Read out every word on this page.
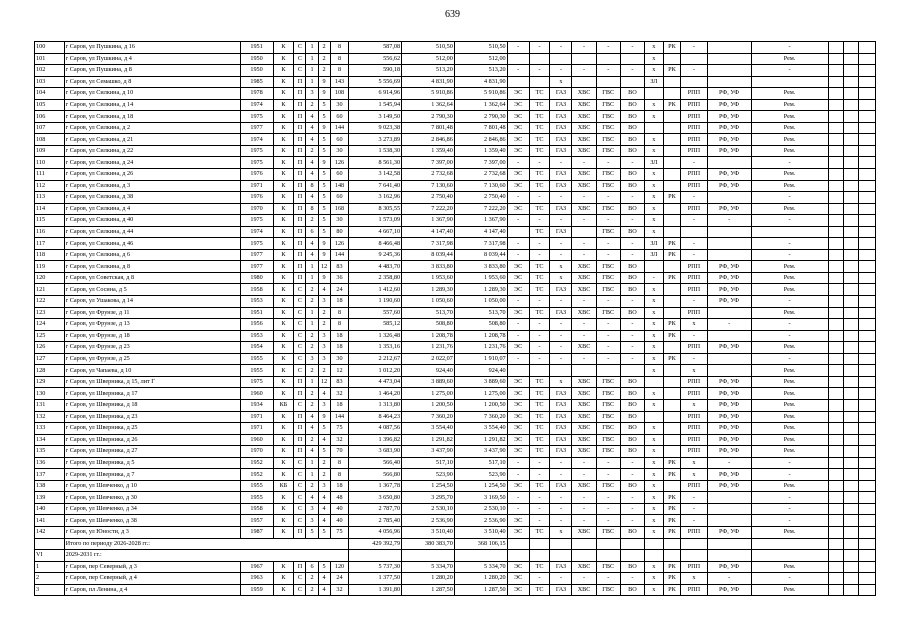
639
100	г Саров, ул Пушкина, д 16	1951	К	С	1	2	8	587,08	510,50	510,50	-	-	-	-	-	-	х	РК	-		-			
101	г Саров, ул Пушкина, д 4	1950	К	С	1	2	8	556,62	512,00	512,00							х				Рем.			
102	г Саров, ул Пушкина, д 8	1950	К	С	1	2	8	590,18	513,20	513,20	-	-	-	-	-	-	х	РК	-		-			
103	г Саров, ул Семашко, д 8	1985	К	П	1	9	143	5 556,69	4 831,90	4 831,90			х				ЗЛ							
104	г Саров, ул Силкина, д 10	1978	К	П	3	9	108	6 914,96	5 910,86	5 910,86	ЭС	ТС	ГАЗ	ХВС	ГВС	ВО			РПП	РФ, УФ	Рем.			
105	г Саров, ул Силкина, д 14	1974	К	П	2	5	30	1 545,94	1 362,64	1 362,64	ЭС	ТС	ГАЗ	ХВС	ГВС	ВО	х	РК	РПП	РФ, УФ	Рем.			
106	г Саров, ул Силкина, д 18	1975	К	П	4	5	60	3 149,50	2 790,30	2 790,30	ЭС	ТС	ГАЗ	ХВС	ГВС	ВО	х		РПП	РФ, УФ	Рем.			
107	г Саров, ул Силкина, д 2	1977	К	П	4	9	144	9 023,38	7 801,48	7 801,48	ЭС	ТС	ГАЗ	ХВС	ГВС	ВО			РПП	РФ, УФ	Рем.			
108	г Саров, ул Силкина, д 21	1974	К	П	4	5	60	3 273,89	2 846,86	2 846,86	ЭС	ТС	ГАЗ	ХВС	ГВС	ВО	х		РПП	РФ, УФ	Рем.			
109	г Саров, ул Силкина, д 22	1975	К	П	2	5	30	1 538,30	1 359,40	1 359,40	ЭС	ТС	ГАЗ	ХВС	ГВС	ВО	х		РПП	РФ, УФ	Рем.			
110	г Саров, ул Силкина, д 24	1975	К	П	4	9	126	8 561,30	7 397,00	7 397,00	-	-	-	-	-	-	ЗЛ		-		-			
111	г Саров, ул Силкина, д 26	1976	К	П	4	5	60	3 142,58	2 732,68	2 732,68	ЭС	ТС	ГАЗ	ХВС	ГВС	ВО	х		РПП	РФ, УФ	Рем.			
112	г Саров, ул Силкина, д 3	1971	К	П	8	5	148	7 641,40	7 130,60	7 130,60	ЭС	ТС	ГАЗ	ХВС	ГВС	ВО	х		РПП	РФ, УФ	Рем.			
113	г Саров, ул Силкина, д 38	1976	К	П	4	5	60	3 162,96	2 750,40	2 750,40	-	-	-	-	-	-	х	РК	-		-			
114	г Саров, ул Силкина, д 4	1970	К	П	8	5	168	8 305,55	7 222,20	7 222,20	ЭС	ТС	ГАЗ	ХВС	ГВС	ВО	х		РПП	РФ, УФ	Рем.			
115	г Саров, ул Силкина, д 40	1975	К	П	2	5	30	1 573,09	1 367,90	1 367,90	-	-	-	-	-	-	х		-	-	-			
116	г Саров, ул Силкина, д 44	1974	К	П	6	5	80	4 667,10	4 147,40	4 147,40		ТС	ГАЗ		ГВС	ВО	х							
117	г Саров, ул Силкина, д 46	1975	К	П	4	9	126	8 466,48	7 317,98	7 317,98	-	-	-	-	-	-	ЗЛ	РК	-		-			
118	г Саров, ул Силкина, д 6	1977	К	П	4	9	144	9 245,36	8 039,44	8 039,44	-	-	-	-	-	-	ЗЛ	РК	-		-			
119	г Саров, ул Силкина, д 8	1977	К	П	1	12	83	4 483,70	3 833,80	3 833,80	ЭС	ТС	х	ХВС	ГВС	ВО			РПП	РФ, УФ	Рем.			
120	г Саров, ул Советская, д 8	1980	К	П	1	9	36	2 358,80	1 953,60	1 953,60	ЭС	ТС	х	ХВС	ГВС	ВО	-	РК	РПП	РФ, УФ	Рем.			
121	г Саров, ул Сосина, д 5	1958	К	С	2	4	24	1 412,60	1 289,30	1 289,30	ЭС	ТС	ГАЗ	ХВС	ГВС	ВО	х		РПП	РФ, УФ	Рем.			
122	г Саров, ул Ушакова, д 14	1953	К	С	2	3	18	1 190,60	1 050,60	1 050,00	-	-	-	-	-	-	х		-	РФ, УФ	-			
123	г Саров, ул Фрунзе, д 11	1951	К	С	1	2	8	557,60	513,70	513,70	ЭС	ТС	ГАЗ	ХВС	ГВС	ВО	х		РПП		Рем.			
124	г Саров, ул Фрунзе, д 13	1956	К	С	1	2	8	585,12	508,80	508,80	-	-	-	-	-	-	х	РК	х	-	-			
125	г Саров, ул Фрунзе, д 18	1953	К	С	2	3	18	1 326,48	1 208,78	1 208,78	-	-	-	-	-	-	х	РК	-		-			
126	г Саров, ул Фрунзе, д 23	1954	К	С	2	3	18	1 353,16	1 231,76	1 231,76	ЭС	-	-	ХВС	-	-	х		РПП	РФ, УФ	Рем.			
127	г Саров, ул Фрунзе, д 25	1955	К	С	3	3	30	2 212,67	2 022,07	1 910,07	-	-	-	-	-	-	х	РК	-		-			
128	г Саров, ул Чапаева, д 10	1955	К	С	2	2	12	1 012,20	924,40	924,40							х		х		Рем.			
129	г Саров, ул Шверника, д 15, лит Г	1975	К	П	1	12	83	4 473,04	3 889,60	3 889,60	ЭС	ТС	х	ХВС	ГВС	ВО			РПП	РФ, УФ	Рем.			
130	г Саров, ул Шверника, д 17	1960	К	П	2	4	32	1 464,20	1 275,00	1 275,00	ЭС	ТС	ГАЗ	ХВС	ГВС	ВО	х		РПП	РФ, УФ	Рем.			
131	г Саров, ул Шверника, д 18	1934	КБ	С	2	3	18	1 313,80	1 200,50	1 200,50	ЭС	ТС	ГАЗ	ХВС	ГВС	ВО	х		х	РФ, УФ	Рем.			
132	г Саров, ул Шверника, д 23	1971	К	П	4	9	144	8 464,23	7 360,20	7 360,20	ЭС	ТС	ГАЗ	ХВС	ГВС	ВО			РПП	РФ, УФ	Рем.			
133	г Саров, ул Шверника, д 25	1971	К	П	4	5	75	4 087,56	3 554,40	3 554,40	ЭС	ТС	ГАЗ	ХВС	ГВС	ВО	х		РПП	РФ, УФ	Рем.			
134	г Саров, ул Шверника, д 26	1960	К	П	2	4	32	1 396,82	1 291,82	1 291,82	ЭС	ТС	ГАЗ	ХВС	ГВС	ВО	х		РПП	РФ, УФ	Рем.			
135	г Саров, ул Шверника, д 27	1970	К	П	4	5	70	3 683,90	3 437,90	3 437,90	ЭС	ТС	ГАЗ	ХВС	ГВС	ВО	х		РПП	РФ, УФ	Рем.			
136	г Саров, ул Шверника, д 5	1952	К	С	1	2	8	566,40	517,10	517,10	-	-	-	-	-	-	х	РК	х	-	-			
137	г Саров, ул Шверника, д 7	1952	К	С	1	2	8	566,80	523,90	523,90	-	-	-	-	-	-	х	РК	х	РФ, УФ	-			
138	г Саров, ул Шевченко, д 10	1955	КБ	С	2	3	18	1 367,78	1 254,50	1 254,50	ЭС	ТС	ГАЗ	ХВС	ГВС	ВО	х		РПП	РФ, УФ	Рем.			
139	г Саров, ул Шевченко, д 30	1955	К	С	4	4	48	3 650,80	3 295,70	3 169,50	-	-	-	-	-	-	х	РК	-		-			
140	г Саров, ул Шевченко, д 34	1958	К	С	3	4	40	2 787,70	2 530,10	2 530,10	-	-	-	-	-	-	х	РК	-		-			
141	г Саров, ул Шевченко, д 38	1957	К	С	3	4	40	2 785,40	2 536,90	2 536,90	ЭС	-	-	-	-	-	х	РК	-		-			
142	г Саров, ул Юности, д 3	1987	К	П	5	5	75	4 056,96	3 510,40	3 510,40	ЭС	ТС	х	ХВС	ГВС	ВО	х	РК	РПП	РФ, УФ	Рем.			
	Итого по периоду 2026-2028 гг.:							429 392,79	380 383,70	368 106,15														
VI	2029-2031 гг.:																							
1	г Саров, пер Северный, д 3	1967	К	П	6	5	120	5 737,30	5 334,70	5 334,70	ЭС	ТС	ГАЗ	ХВС	ГВС	ВО	х	РК	РПП	РФ, УФ	Рем.			
2	г Саров, пер Северный, д 4	1963	К	С	2	4	24	1 377,50	1 280,20	1 280,20	ЭС	-	-	-	-	-	х	РК	х	-	-			
3	г Саров, пл Ленина, д 4	1959	К	С	2	4	32	1 391,80	1 287,50	1 287,50	ЭС	ТС	ГАЗ	ХВС	ГВС	ВО	х	РК	РПП	РФ, УФ	Рем.			
